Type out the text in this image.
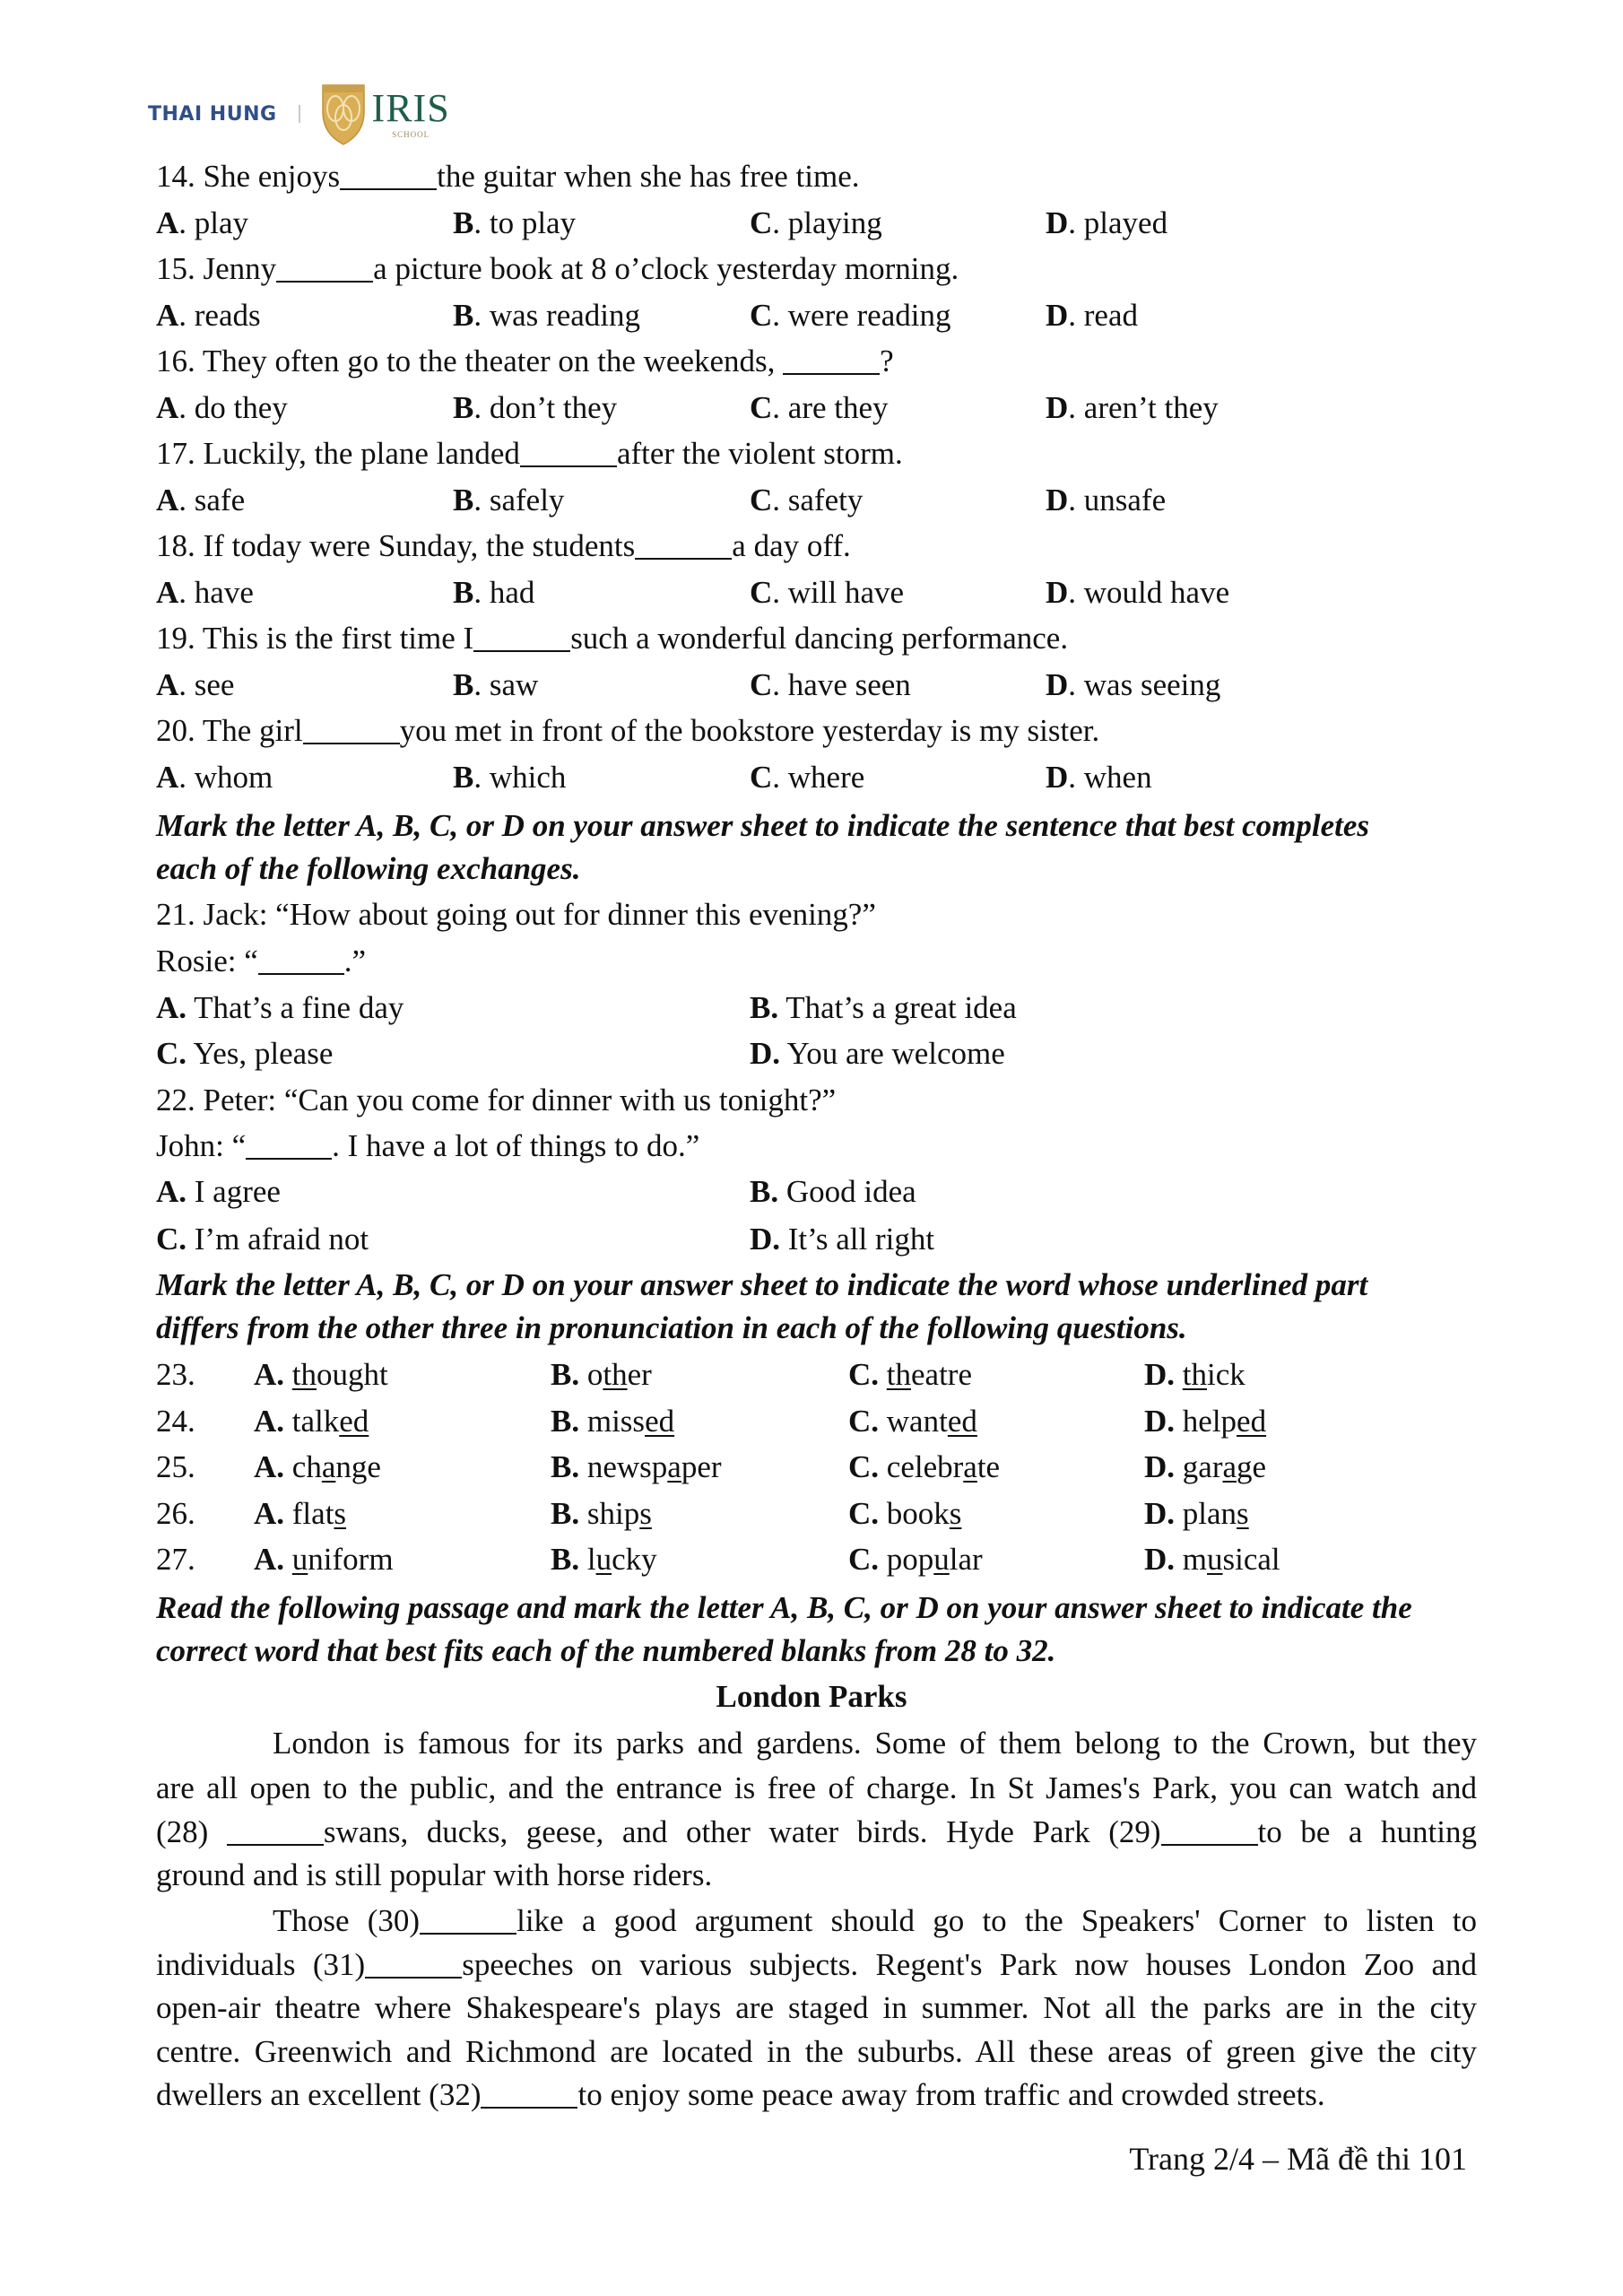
THAI HUNG IRIS
SCHOOL
14. She enjoys	the guitar when she has free time.
A. play	B. to play	C. playing	D. played
15. Jenny	a picture book at 8 o’clock yesterday morning.
A. reads	B. was reading	C. were reading	D. read
16. They often go to the theater on the weekends,	?
A. do they	B. don’t they	C. are they	D. aren’t they
17. Luckily, the plane landed	after the violent storm.
A. safe	B. safely	C. safety	D. unsafe
18. If today were Sunday, the students	a day off.
A. have	B. had	C. will have	D. would have
19. This is the first time I	such a wonderful dancing performance.
A. see	B. saw	C. have seen	D. was seeing
20. The girl	you met in front of the bookstore yesterday is my sister.
A. whom	B. which	C. where	D. when
Mark the letter A, B, C, or D on your answer sheet to indicate the sentence that best completes
each of the following exchanges.
21. Jack: “How about going out for dinner this evening?”
Rosie: “	.”
A. That’s a fine day	B. That’s a great idea
C. Yes, please	D. You are welcome
22. Peter: “Can you come for dinner with us tonight?”
John: “	. I have a lot of things to do.”
A. I agree	B. Good idea
C. I’m afraid not	D. It’s all right
Mark the letter A, B, C, or D on your answer sheet to indicate the word whose underlined part
differs from the other three in pronunciation in each of the following questions.
23. A. thought	B. other	C. theatre	D. thick
24. A. talked	B. missed	C. wanted	D. helped
25. A. change	B. newspaper	C. celebrate	D. garage
26. A. flats	B. ships	C. books	D. plans
27. A. uniform	B. lucky	C. popular	D. musical
Read the following passage and mark the letter A, B, C, or D on your answer sheet to indicate the
correct word that best fits each of the numbered blanks from 28 to 32.
London Parks
London is famous for its parks and gardens. Some of them belong to the Crown, but they
are all open to the public, and the entrance is free of charge. In St James's Park, you can watch and
(28)	swans, ducks, geese, and other water birds. Hyde Park (29)	to be a hunting
ground and is still popular with horse riders.
Those (30)	like a good argument should go to the Speakers' Corner to listen to
individuals (31)	speeches on various subjects. Regent's Park now houses London Zoo and
open-air theatre where Shakespeare's plays are staged in summer. Not all the parks are in the city
centre. Greenwich and Richmond are located in the suburbs. All these areas of green give the city
dwellers an excellent (32)	to enjoy some peace away from traffic and crowded streets.
Trang 2/4 – Mã đề thi 101
